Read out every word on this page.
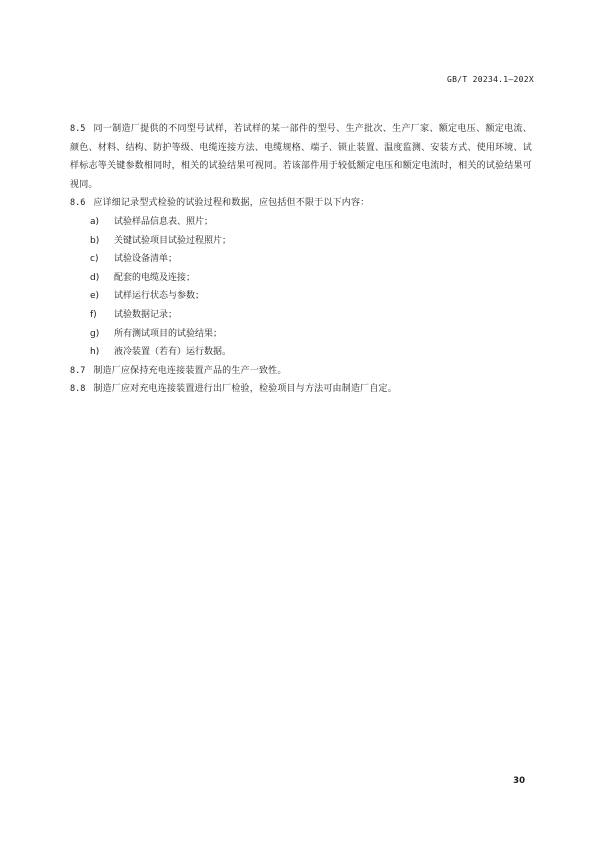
GB/T 20234.1—202X

8.5 同一制造厂提供的不同型号试样，若试样的某一部件的型号、生产批次、生产厂家、额定电压、额定电流、颜色、材料、结构、防护等级、电缆连接方法、电缆规格、端子、锁止装置、温度监测、安装方式、使用环境、试样标志等关键参数相同时，相关的试验结果可视同。若该部件用于较低额定电压和额定电流时，相关的试验结果可视同。

8.6 应详细记录型式检验的试验过程和数据，应包括但不限于以下内容：

a)	试验样品信息表、照片；
b)	关键试验项目试验过程照片；
c)	试验设备清单；
d)	配套的电缆及连接；
e)	试样运行状态与参数；
f)	试验数据记录；
g)	所有测试项目的试验结果；
h)	液冷装置（若有）运行数据。

8.7 制造厂应保持充电连接装置产品的生产一致性。

8.8 制造厂应对充电连接装置进行出厂检验，检验项目与方法可由制造厂自定。

30
